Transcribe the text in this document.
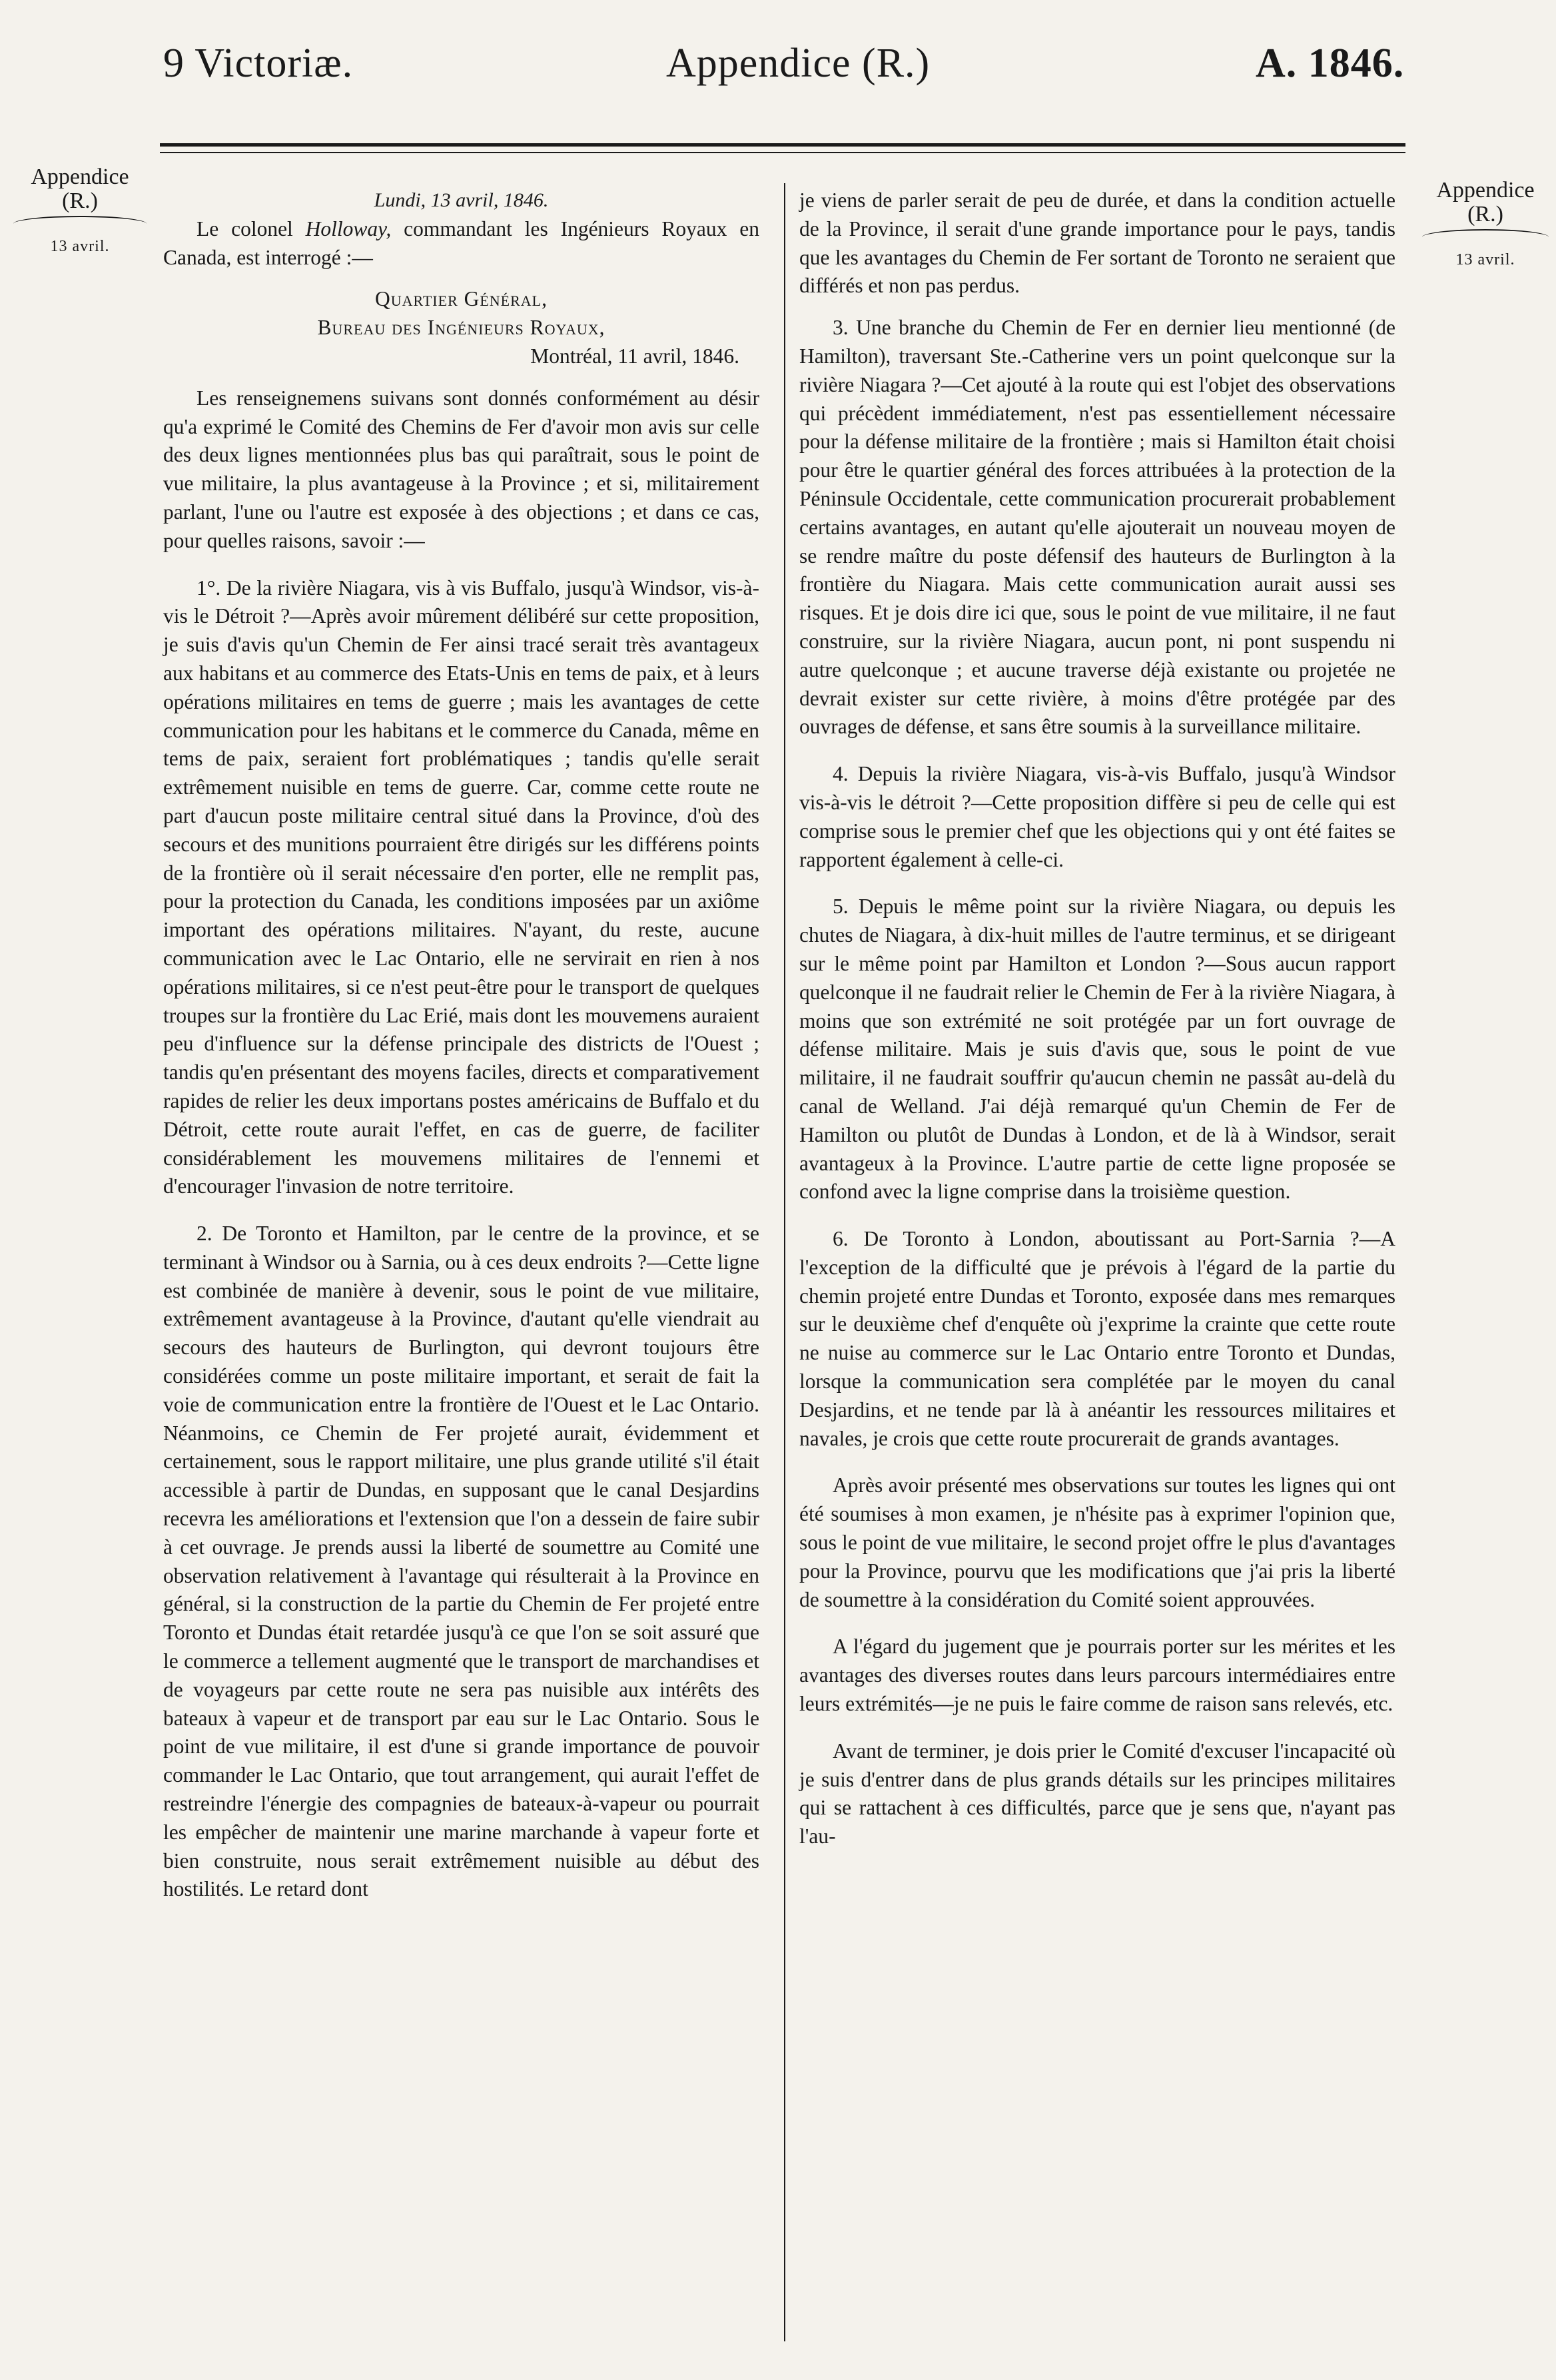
9 Victoriæ.	Appendice (R.)	A. 1846.
Appendice
(R.)
13 avril.
Appendice
(R.)
13 avril.

Lundi, 13 avril, 1846.

Le colonel Holloway, commandant les Ingénieurs Royaux en Canada, est interrogé :—

Quartier Général,

Bureau des Ingénieurs Royaux,

Montréal, 11 avril, 1846.

Les renseignemens suivans sont donnés conformément au désir qu'a exprimé le Comité des Chemins de Fer d'avoir mon avis sur celle des deux lignes mentionnées plus bas qui paraîtrait, sous le point de vue militaire, la plus avantageuse à la Province ; et si, militairement parlant, l'une ou l'autre est exposée à des objections ; et dans ce cas, pour quelles raisons, savoir :—

1°. De la rivière Niagara, vis à vis Buffalo, jusqu'à Windsor, vis-à-vis le Détroit ?—Après avoir mûrement délibéré sur cette proposition, je suis d'avis qu'un Chemin de Fer ainsi tracé serait très avantageux aux habitans et au commerce des Etats-Unis en tems de paix, et à leurs opérations militaires en tems de guerre ; mais les avantages de cette communication pour les habitans et le commerce du Canada, même en tems de paix, seraient fort problématiques ; tandis qu'elle serait extrêmement nuisible en tems de guerre. Car, comme cette route ne part d'aucun poste militaire central situé dans la Province, d'où des secours et des munitions pourraient être dirigés sur les différens points de la frontière où il serait nécessaire d'en porter, elle ne remplit pas, pour la protection du Canada, les conditions imposées par un axiôme important des opérations militaires. N'ayant, du reste, aucune communication avec le Lac Ontario, elle ne servirait en rien à nos opérations militaires, si ce n'est peut-être pour le transport de quelques troupes sur la frontière du Lac Erié, mais dont les mouvemens auraient peu d'influence sur la défense principale des districts de l'Ouest ; tandis qu'en présentant des moyens faciles, directs et comparativement rapides de relier les deux importans postes américains de Buffalo et du Détroit, cette route aurait l'effet, en cas de guerre, de faciliter considérablement les mouvemens militaires de l'ennemi et d'encourager l'invasion de notre territoire.

2. De Toronto et Hamilton, par le centre de la province, et se terminant à Windsor ou à Sarnia, ou à ces deux endroits ?—Cette ligne est combinée de manière à devenir, sous le point de vue militaire, extrêmement avantageuse à la Province, d'autant qu'elle viendrait au secours des hauteurs de Burlington, qui devront toujours être considérées comme un poste militaire important, et serait de fait la voie de communication entre la frontière de l'Ouest et le Lac Ontario. Néanmoins, ce Chemin de Fer projeté aurait, évidemment et certainement, sous le rapport militaire, une plus grande utilité s'il était accessible à partir de Dundas, en supposant que le canal Desjardins recevra les améliorations et l'extension que l'on a dessein de faire subir à cet ouvrage. Je prends aussi la liberté de soumettre au Comité une observation relativement à l'avantage qui résulterait à la Province en général, si la construction de la partie du Chemin de Fer projeté entre Toronto et Dundas était retardée jusqu'à ce que l'on se soit assuré que le commerce a tellement augmenté que le transport de marchandises et de voyageurs par cette route ne sera pas nuisible aux intérêts des bateaux à vapeur et de transport par eau sur le Lac Ontario. Sous le point de vue militaire, il est d'une si grande importance de pouvoir commander le Lac Ontario, que tout arrangement, qui aurait l'effet de restreindre l'énergie des compagnies de bateaux-à-vapeur ou pourrait les empêcher de maintenir une marine marchande à vapeur forte et bien construite, nous serait extrêmement nuisible au début des hostilités. Le retard dont

je viens de parler serait de peu de durée, et dans la condition actuelle de la Province, il serait d'une grande importance pour le pays, tandis que les avantages du Chemin de Fer sortant de Toronto ne seraient que différés et non pas perdus.

3. Une branche du Chemin de Fer en dernier lieu mentionné (de Hamilton), traversant Ste.-Catherine vers un point quelconque sur la rivière Niagara ?—Cet ajouté à la route qui est l'objet des observations qui précèdent immédiatement, n'est pas essentiellement nécessaire pour la défense militaire de la frontière ; mais si Hamilton était choisi pour être le quartier général des forces attribuées à la protection de la Péninsule Occidentale, cette communication procurerait probablement certains avantages, en autant qu'elle ajouterait un nouveau moyen de se rendre maître du poste défensif des hauteurs de Burlington à la frontière du Niagara. Mais cette communication aurait aussi ses risques. Et je dois dire ici que, sous le point de vue militaire, il ne faut construire, sur la rivière Niagara, aucun pont, ni pont suspendu ni autre quelconque ; et aucune traverse déjà existante ou projetée ne devrait exister sur cette rivière, à moins d'être protégée par des ouvrages de défense, et sans être soumis à la surveillance militaire.

4. Depuis la rivière Niagara, vis-à-vis Buffalo, jusqu'à Windsor vis-à-vis le détroit ?—Cette proposition diffère si peu de celle qui est comprise sous le premier chef que les objections qui y ont été faites se rapportent également à celle-ci.

5. Depuis le même point sur la rivière Niagara, ou depuis les chutes de Niagara, à dix-huit milles de l'autre terminus, et se dirigeant sur le même point par Hamilton et London ?—Sous aucun rapport quelconque il ne faudrait relier le Chemin de Fer à la rivière Niagara, à moins que son extrémité ne soit protégée par un fort ouvrage de défense militaire. Mais je suis d'avis que, sous le point de vue militaire, il ne faudrait souffrir qu'aucun chemin ne passât au-delà du canal de Welland. J'ai déjà remarqué qu'un Chemin de Fer de Hamilton ou plutôt de Dundas à London, et de là à Windsor, serait avantageux à la Province. L'autre partie de cette ligne proposée se confond avec la ligne comprise dans la troisième question.

6. De Toronto à London, aboutissant au Port-Sarnia ?—A l'exception de la difficulté que je prévois à l'égard de la partie du chemin projeté entre Dundas et Toronto, exposée dans mes remarques sur le deuxième chef d'enquête où j'exprime la crainte que cette route ne nuise au commerce sur le Lac Ontario entre Toronto et Dundas, lorsque la communication sera complétée par le moyen du canal Desjardins, et ne tende par là à anéantir les ressources militaires et navales, je crois que cette route procurerait de grands avantages.

Après avoir présenté mes observations sur toutes les lignes qui ont été soumises à mon examen, je n'hésite pas à exprimer l'opinion que, sous le point de vue militaire, le second projet offre le plus d'avantages pour la Province, pourvu que les modifications que j'ai pris la liberté de soumettre à la considération du Comité soient approuvées.

A l'égard du jugement que je pourrais porter sur les mérites et les avantages des diverses routes dans leurs parcours intermédiaires entre leurs extrémités—je ne puis le faire comme de raison sans relevés, etc.

Avant de terminer, je dois prier le Comité d'excuser l'incapacité où je suis d'entrer dans de plus grands détails sur les principes militaires qui se rattachent à ces difficultés, parce que je sens que, n'ayant pas l'au-
